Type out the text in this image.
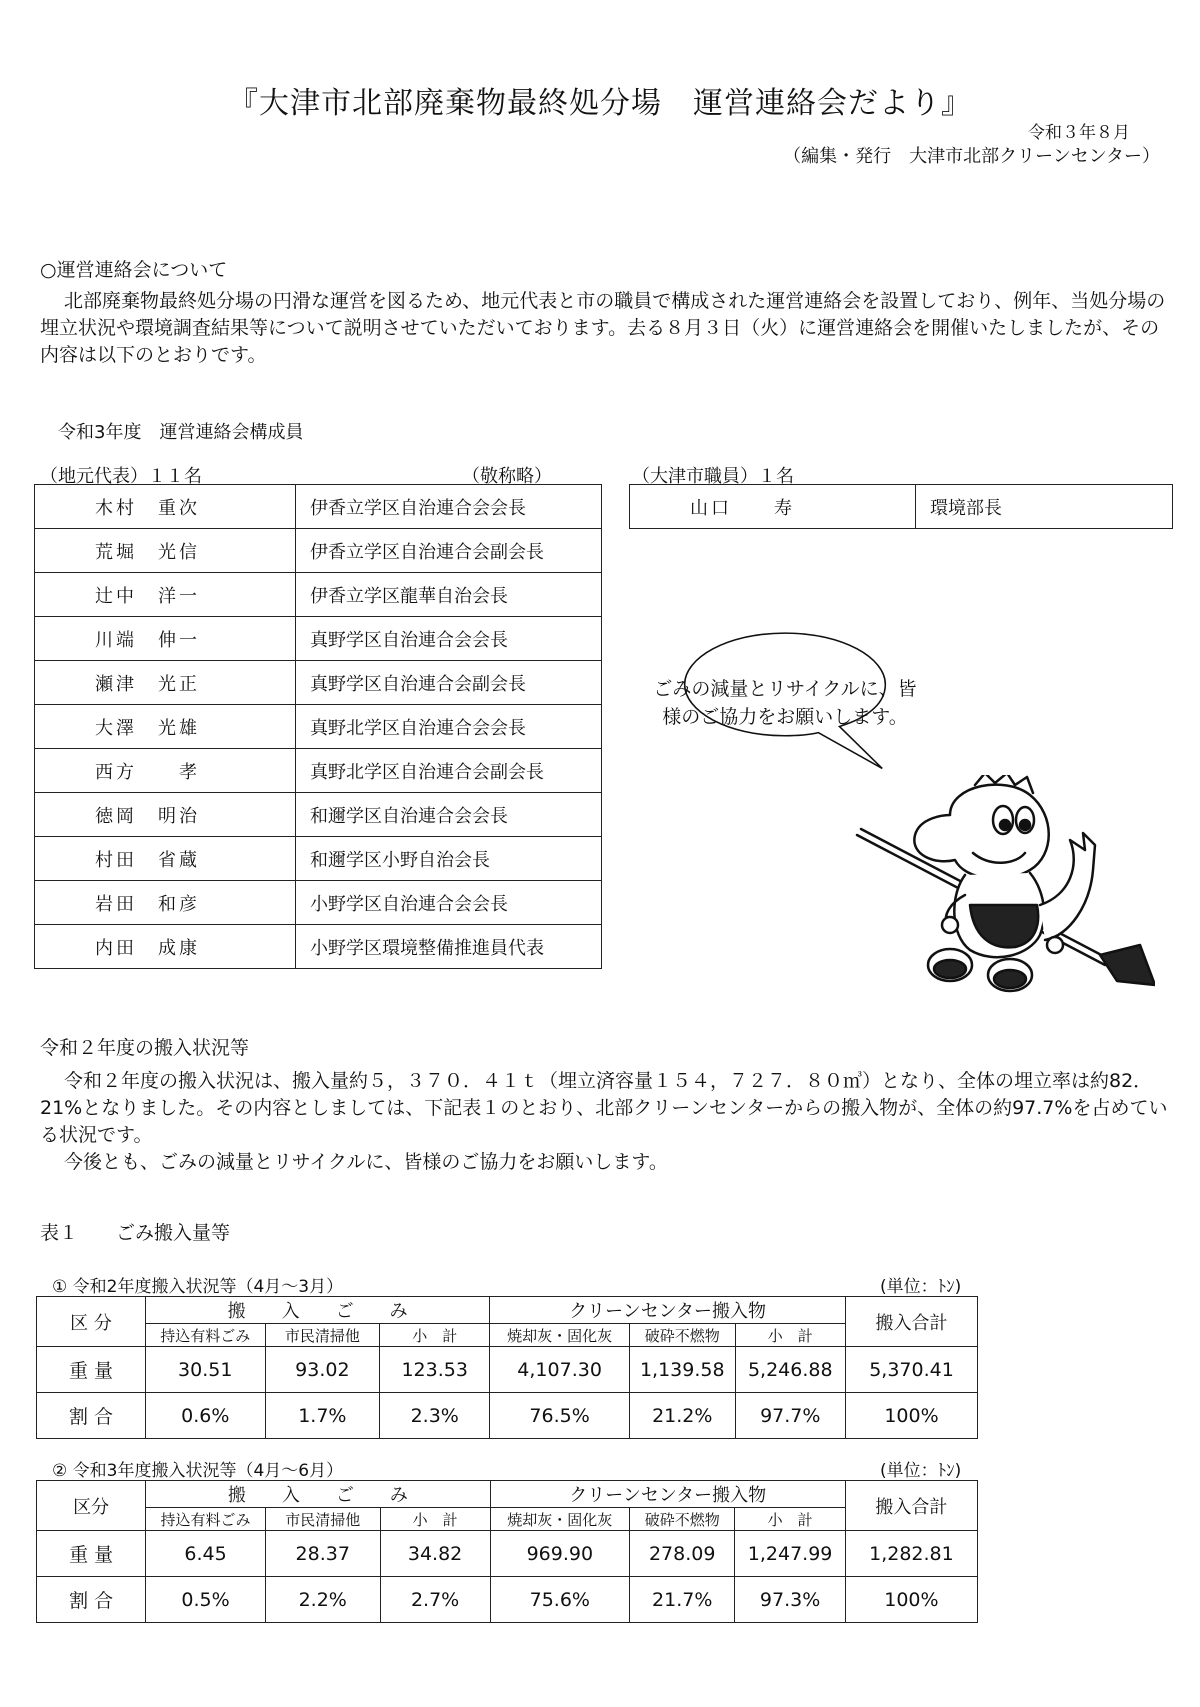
『大津市北部廃棄物最終処分場　運営連絡会だより』
令和３年８月
（編集・発行　大津市北部クリーンセンター）
○運営連絡会について

北部廃棄物最終処分場の円滑な運営を図るため、地元代表と市の職員で構成された運営連絡会を設置しており、例年、当処分場の埋立状況や環境調査結果等について説明させていただいております。去る８月３日（火）に運営連絡会を開催いたしましたが、その内容は以下のとおりです。

令和3年度　運営連絡会構成員
（地元代表）１１名	（敬称略）	（大津市職員）１名
木村　重次	伊香立学区自治連合会会長
荒堀　光信	伊香立学区自治連合会副会長
辻中　洋一	伊香立学区龍華自治会長
川端　伸一	真野学区自治連合会会長
瀬津　光正	真野学区自治連合会副会長
大澤　光雄	真野北学区自治連合会会長
西方　　孝	真野北学区自治連合会副会長
徳岡　明治	和邇学区自治連合会会長
村田　省蔵	和邇学区小野自治会長
岩田　和彦	小野学区自治連合会会長
内田　成康	小野学区環境整備推進員代表
山口　　寿	環境部長
ごみの減量とリサイクルに、皆様のご協力をお願いします。
令和２年度の搬入状況等

令和２年度の搬入状況は、搬入量約５，３７０．４１ｔ（埋立済容量１５４，７２７．８０㎥）となり、全体の埋立率は約82．21%となりました。その内容としましては、下記表１のとおり、北部クリーンセンターからの搬入物が、全体の約97.7%を占めている状況です。

今後とも、ごみの減量とリサイクルに、皆様のご協力をお願いします。

表１　　ごみ搬入量等
① 令和2年度搬入状況等（4月～3月）	(単位：ﾄﾝ)
区 分	搬　　入　　ご　　み			クリーンセンター搬入物			搬入合計
	持込有料ごみ	市民清掃他	小　計	焼却灰・固化灰	破砕不燃物	小　計	
重 量	30.51	93.02	123.53	4,107.30	1,139.58	5,246.88	5,370.41
割 合	0.6%	1.7%	2.3%	76.5%	21.2%	97.7%	100%
② 令和3年度搬入状況等（4月～6月）	(単位：ﾄﾝ)
区分	搬　　入　　ご　　み			クリーンセンター搬入物			搬入合計
	持込有料ごみ	市民清掃他	小　計	焼却灰・固化灰	破砕不燃物	小　計	
重 量	6.45	28.37	34.82	969.90	278.09	1,247.99	1,282.81
割 合	0.5%	2.2%	2.7%	75.6%	21.7%	97.3%	100%
